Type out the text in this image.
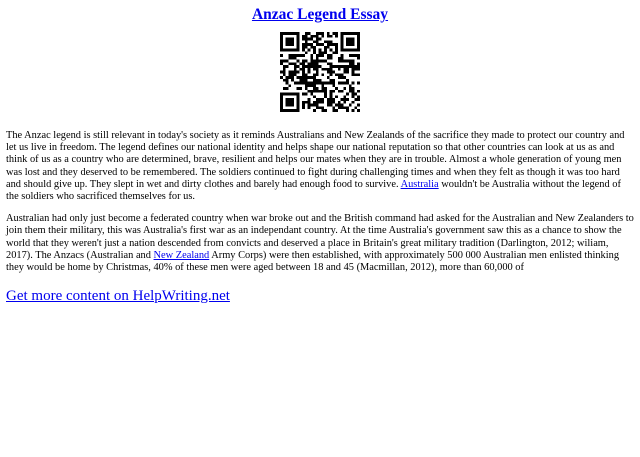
Anzac Legend Essay

The Anzac legend is still relevant in today's society as it reminds Australians and New Zealands of the sacrifice they made to protect our country and let us live in freedom. The legend defines our national identity and helps shape our national reputation so that other countries can look at us as and think of us as a country who are determined, brave, resilient and helps our mates when they are in trouble. Almost a whole generation of young men was lost and they deserved to be remembered. The soldiers continued to fight during challenging times and when they felt as though it was too hard and should give up. They slept in wet and dirty clothes and barely had enough food to survive. Australia wouldn't be Australia without the legend of the soldiers who sacrificed themselves for us.

Australian had only just become a federated country when war broke out and the British command had asked for the Australian and New Zealanders to join them their military, this was Australia's first war as an independant country. At the time Australia's government saw this as a chance to show the world that they weren't just a nation descended from convicts and deserved a place in Britain's great military tradition (Darlington, 2012; wiliam, 2017). The Anzacs (Australian and New Zealand Army Corps) were then established, with approximately 500 000 Australian men enlisted thinking they would be home by Christmas, 40% of these men were aged between 18 and 45 (Macmillan, 2012), more than 60,000 of

Get more content on HelpWriting.net
